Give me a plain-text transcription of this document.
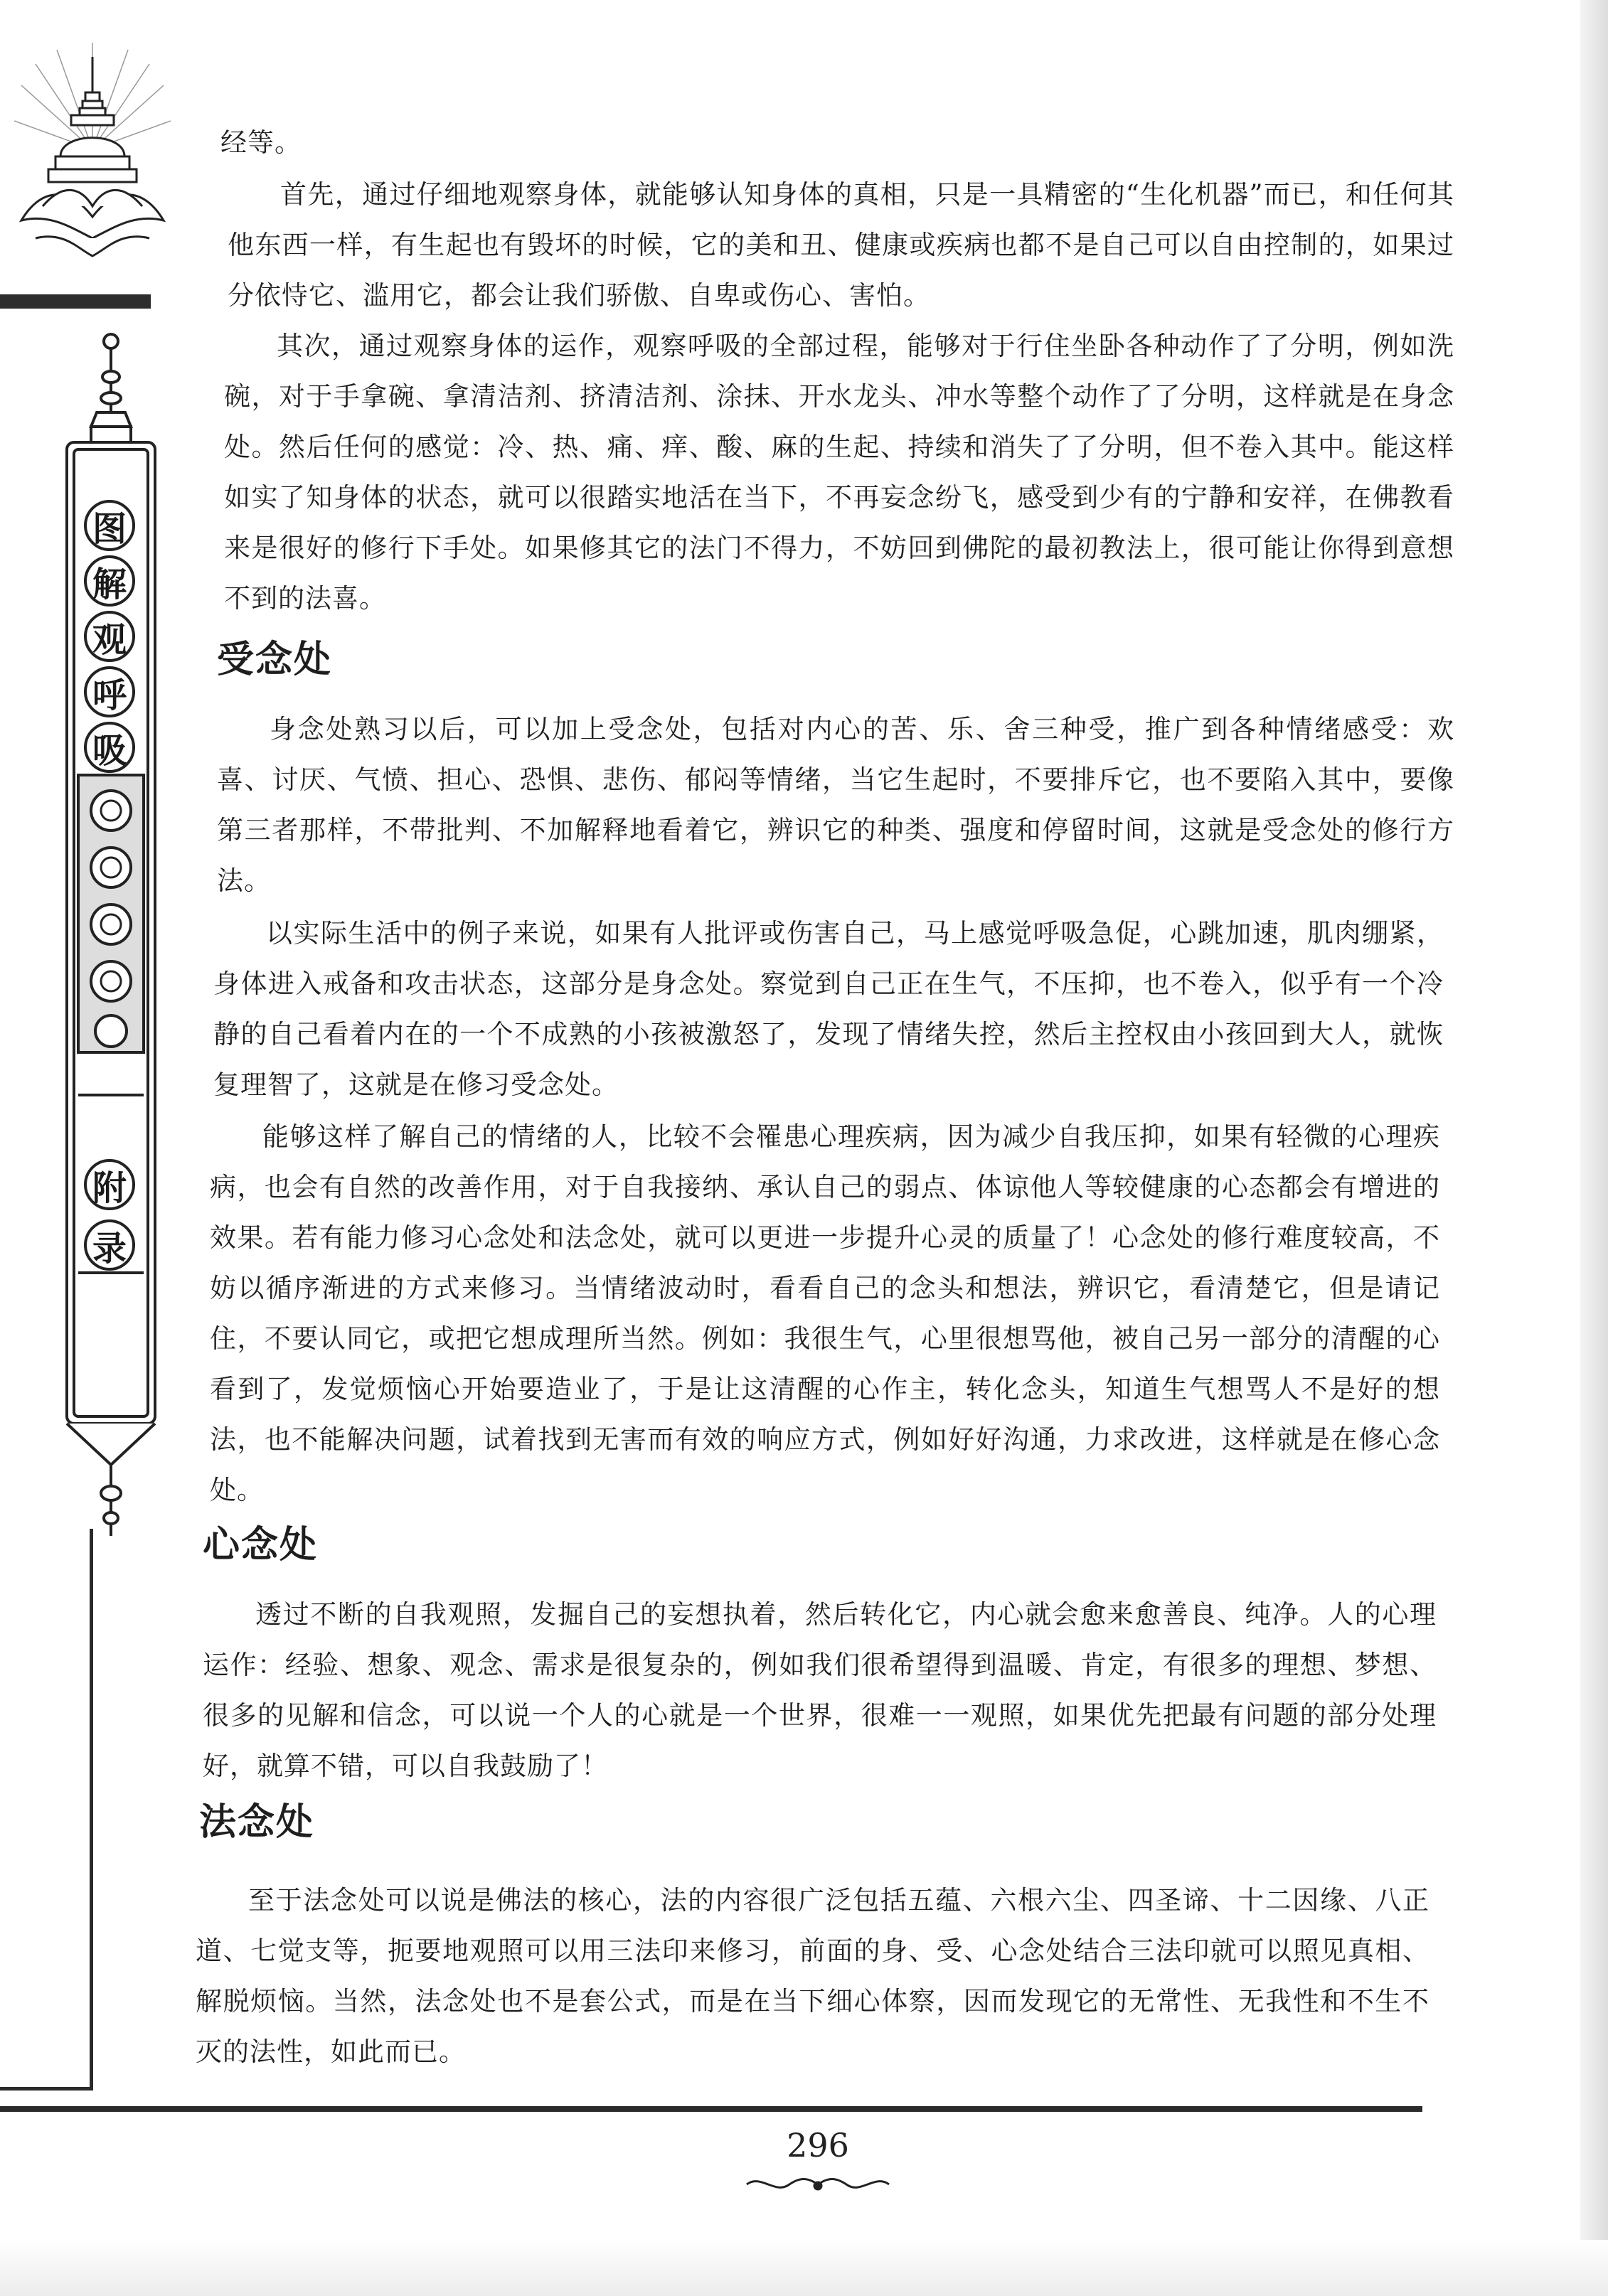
图
解
观
呼
吸
附
录

经等。

首先，通过仔细地观察身体，就能够认知身体的真相，只是一具精密的“生化机器”而已，和任何其他东西一样，有生起也有毁坏的时候，它的美和丑、健康或疾病也都不是自己可以自由控制的，如果过分依恃它、滥用它，都会让我们骄傲、自卑或伤心、害怕。

其次，通过观察身体的运作，观察呼吸的全部过程，能够对于行住坐卧各种动作了了分明，例如洗碗，对于手拿碗、拿清洁剂、挤清洁剂、涂抹、开水龙头、冲水等整个动作了了分明，这样就是在身念处。然后任何的感觉：冷、热、痛、痒、酸、麻的生起、持续和消失了了分明，但不卷入其中。能这样如实了知身体的状态，就可以很踏实地活在当下，不再妄念纷飞，感受到少有的宁静和安祥，在佛教看来是很好的修行下手处。如果修其它的法门不得力，不妨回到佛陀的最初教法上，很可能让你得到意想不到的法喜。

受念处

身念处熟习以后，可以加上受念处，包括对内心的苦、乐、舍三种受，推广到各种情绪感受：欢喜、讨厌、气愤、担心、恐惧、悲伤、郁闷等情绪，当它生起时，不要排斥它，也不要陷入其中，要像第三者那样，不带批判、不加解释地看着它，辨识它的种类、强度和停留时间，这就是受念处的修行方法。

以实际生活中的例子来说，如果有人批评或伤害自己，马上感觉呼吸急促，心跳加速，肌肉绷紧，身体进入戒备和攻击状态，这部分是身念处。察觉到自己正在生气，不压抑，也不卷入，似乎有一个冷静的自己看着内在的一个不成熟的小孩被激怒了，发现了情绪失控，然后主控权由小孩回到大人，就恢复理智了，这就是在修习受念处。

能够这样了解自己的情绪的人，比较不会罹患心理疾病，因为减少自我压抑，如果有轻微的心理疾病，也会有自然的改善作用，对于自我接纳、承认自己的弱点、体谅他人等较健康的心态都会有增进的效果。若有能力修习心念处和法念处，就可以更进一步提升心灵的质量了！心念处的修行难度较高，不妨以循序渐进的方式来修习。当情绪波动时，看看自己的念头和想法，辨识它，看清楚它，但是请记住，不要认同它，或把它想成理所当然。例如：我很生气，心里很想骂他，被自己另一部分的清醒的心看到了，发觉烦恼心开始要造业了，于是让这清醒的心作主，转化念头，知道生气想骂人不是好的想法，也不能解决问题，试着找到无害而有效的响应方式，例如好好沟通，力求改进，这样就是在修心念处。

心念处

透过不断的自我观照，发掘自己的妄想执着，然后转化它，内心就会愈来愈善良、纯净。人的心理运作：经验、想象、观念、需求是很复杂的，例如我们很希望得到温暖、肯定，有很多的理想、梦想、很多的见解和信念，可以说一个人的心就是一个世界，很难一一观照，如果优先把最有问题的部分处理好，就算不错，可以自我鼓励了！

法念处

至于法念处可以说是佛法的核心，法的内容很广泛包括五蕴、六根六尘、四圣谛、十二因缘、八正道、七觉支等，扼要地观照可以用三法印来修习，前面的身、受、心念处结合三法印就可以照见真相、解脱烦恼。当然，法念处也不是套公式，而是在当下细心体察，因而发现它的无常性、无我性和不生不灭的法性，如此而已。

296
